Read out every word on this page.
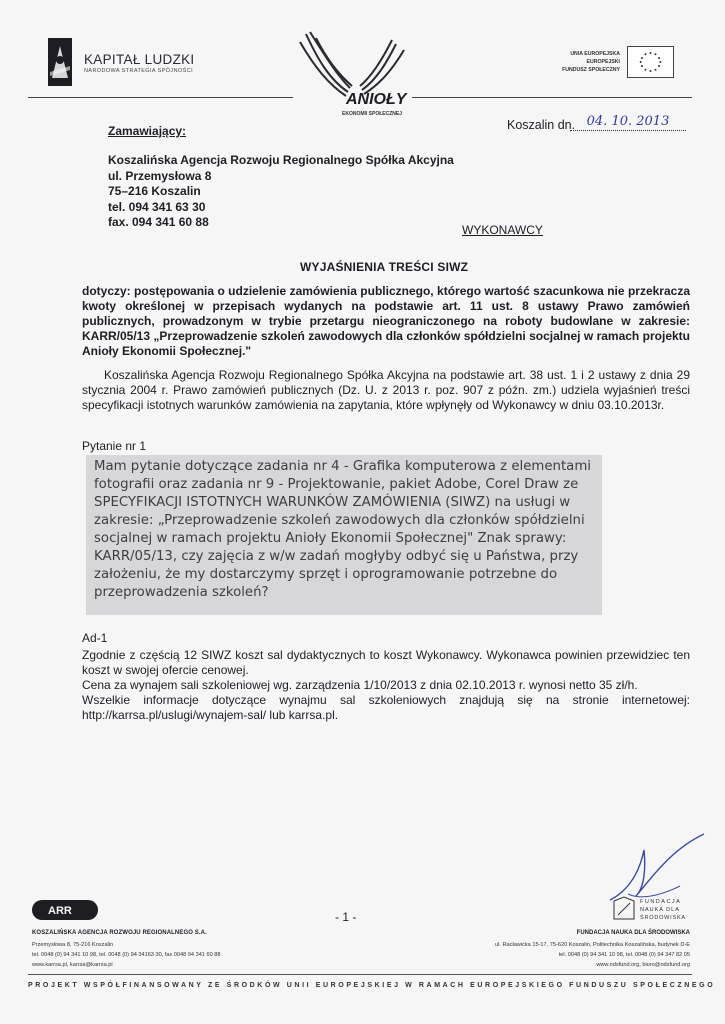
KAPITAŁ LUDZKI
NARODOWA STRATEGIA SPÓJNOŚCI
ANIOŁY
EKONOMII SPOŁECZNEJ
UNIA EUROPEJSKA
EUROPEJSKI
FUNDUSZ SPOŁECZNY
Zamawiający:
Koszalińska Agencja Rozwoju Regionalnego Spółka Akcyjna
ul. Przemysłowa 8
75–216 Koszalin
tel. 094 341 63 30
fax. 094 341 60 88
Koszalin dn. 04. 10. 2013
WYKONAWCY
WYJAŚNIENIA TREŚCI SIWZ
dotyczy: postępowania o udzielenie zamówienia publicznego, którego wartość szacunkowa nie przekracza kwoty określonej w przepisach wydanych na podstawie art. 11 ust. 8 ustawy Prawo zamówień publicznych, prowadzonym w trybie przetargu nieograniczonego na roboty budowlane w zakresie: KARR/05/13 „Przeprowadzenie szkoleń zawodowych dla członków spółdzielni socjalnej w ramach projektu Anioły Ekonomii Społecznej."
Koszalińska Agencja Rozwoju Regionalnego Spółka Akcyjna na podstawie art. 38 ust. 1 i 2 ustawy z dnia 29 stycznia 2004 r. Prawo zamówień publicznych (Dz. U. z 2013 r. poz. 907 z późn. zm.) udziela wyjaśnień treści specyfikacji istotnych warunków zamówienia na zapytania, które wpłynęły od Wykonawcy w dniu 03.10.2013r.
Pytanie nr 1
Mam pytanie dotyczące zadania nr 4 - Grafika komputerowa z elementami fotografii oraz zadania nr 9 - Projektowanie, pakiet Adobe, Corel Draw ze SPECYFIKACJI ISTOTNYCH WARUNKÓW ZAMÓWIENIA (SIWZ) na usługi w zakresie: „Przeprowadzenie szkoleń zawodowych dla członków spółdzielni socjalnej w ramach projektu Anioły Ekonomii Społecznej" Znak sprawy: KARR/05/13, czy zajęcia z w/w zadań mogłyby odbyć się u Państwa, przy założeniu, że my dostarczymy sprzęt i oprogramowanie potrzebne do przeprowadzenia szkoleń?
Ad-1

Zgodnie z częścią 12 SIWZ koszt sal dydaktycznych to koszt Wykonawcy. Wykonawca powinien przewidziec ten koszt w swojej ofercie cenowej.

Cena za wynajem sali szkoleniowej wg. zarządzenia 1/10/2013 z dnia 02.10.2013 r. wynosi netto 35 zł/h.

Wszelkie informacje dotyczące wynajmu sal szkoleniowych znajdują się na stronie internetowej: http://karrsa.pl/uslugi/wynajem-sal/ lub karrsa.pl.

ARR	- 1 -
FUNDACJA
NAUKA DLA
ŚRODOWISKA
KOSZALIŃSKA AGENCJA ROZWOJU REGIONALNEGO S.A.
Przemysłowa 8, 75-216 Koszalin
tel. 0048 (0) 94 341 10 98, tel. 0048 (0) 94 34163 30, fax 0048 94 341 60 88
www.karrsa.pl, karrsa@karrsa.pl
FUNDACJA NAUKA DLA ŚRODOWISKA
ul. Racławicka 15-17, 75-620 Koszalin, Politechnika Koszalińska, budynek D-E
tel. 0048 (0) 94 341 10 98, tel. 0048 (0) 94 347 82 05
www.ndsfund.org, biuro@ndsfund.org
PROJEKT WSPÓŁFINANSOWANY ZE ŚRODKÓW UNII EUROPEJSKIEJ W RAMACH EUROPEJSKIEGO FUNDUSZU SPOŁECZNEGO
